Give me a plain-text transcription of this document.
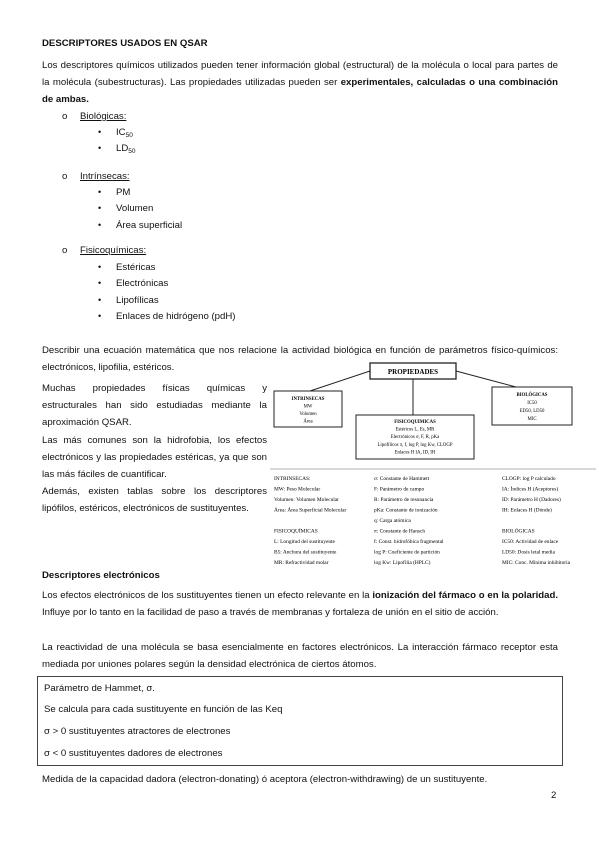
DESCRIPTORES USADOS EN QSAR
Los descriptores químicos utilizados pueden tener información global (estructural) de la molécula o local para partes de la molécula (subestructuras). Las propiedades utilizadas pueden ser experimentales, calculadas o una combinación de ambas.
o	Biológicas:
•	$IC_{50}$
•	$LD_{50}$
o	Intrínsecas:
•	PM
•	Volumen
•	Área superficial
o	Fisicoquímicas:
•	Estéricas
•	Electrónicas
•	Lipofílicas
•	Enlaces de hidrógeno (pdH)
Describir una ecuación matemática que nos relacione la actividad biológica en función de parámetros físico-químicos: electrónicos, lipofilia, estéricos.
Muchas propiedades físicas químicas y estructurales han sido estudiadas mediante la aproximación QSAR.
Las más comunes son la hidrofobia, los efectos electrónicos y las propiedades estéricas, ya que son las más fáciles de cuantificar.
Además, existen tablas sobre los descriptores lipófilos, estéricos, electrónicos de sustituyentes.
PROPIEDADES
INTRINSECAS
MW
Volumen
Área	FISICOQUIMICAS
Estéricos L, Es, MR
Electrónicos σ, F, R, pKa
Lipofílicos π, f, log P, log Kw, CLOGP
Enlaces H IA, ID, IH
BIOLÓGICAS
IC50
ED50, LD50
MIC
INTRINSECAS:
MW: Peso Molecular
Volumen: Volumen Molecular
Área: Área Superficial Molecular
FISICOQUÍMICAS
L: Longitud del sustituyente
B5: Anchura del sustituyente
MR: Refractividad molar
σ: Constante de Hammett
F: Parámetro de campo
R: Parámetro de resonancia
pKa: Constante de ionización
q: Carga atómica
π: Constante de Hansch
f: Const. hidrofóbica fragmental
log P: Coeficiente de partición
log Kw: Lipofilia (HPLC)
CLOGP: log P calculado
IA: Índices H (Aceptores)
ID: Parámetro H (Dadores)
IH: Enlaces H (Dónde)
BIOLÓGICAS
IC50: Actividad de enlace
LD50: Dosis letal media
MIC: Conc. Mínima inhibitoria
Descriptores electrónicos
Los efectos electrónicos de los sustituyentes tienen un efecto relevante en la ionización del fármaco o en la polaridad. Influye por lo tanto en la facilidad de paso a través de membranas y fortaleza de unión en el sitio de acción.
La reactividad de una molécula se basa esencialmente en factores electrónicos. La interacción fármaco receptor esta mediada por uniones polares según la densidad electrónica de ciertos átomos.
Parámetro de Hammet, σ.
Se calcula para cada sustituyente en función de las Keq
σ > 0 sustituyentes atractores de electrones
σ < 0 sustituyentes dadores de electrones
Medida de la capacidad dadora (electron-donating) ó aceptora (electron-withdrawing) de un sustituyente.
2
